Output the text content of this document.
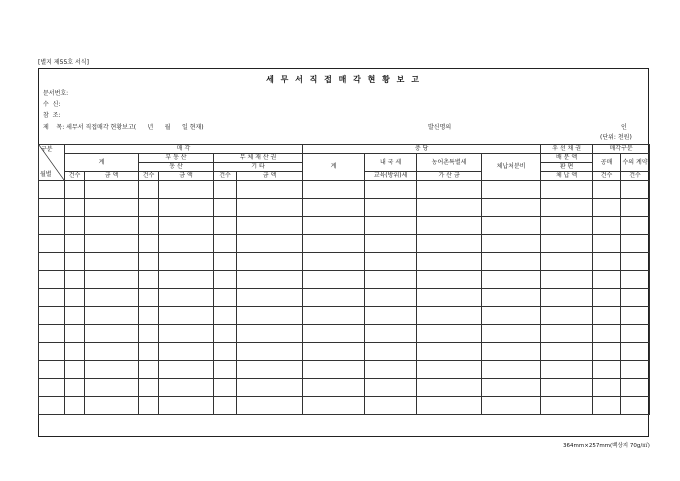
[별지 제55호 서식]
세 무 서 직 접 매 각 현 황 보 고
문서번호:
수  신:
참  조:
제    목: 세무서 직접매각 현황보고(      년      월      일 현재)	발신명의	인
(단위: 천원)
구분
월별	매 각						충 당				우 선 채 권	매각구분	
	계		부 동 산		무 체 재 산 권		계	내 국 세	농어촌특별세	체납처분비	배 분 액	공매	수의 계약
			동 산		기 타						환 편		
	건수	금 액	건수	금 액	건수	금 액		교육(방위)세	가 산 금		체 납 액	건수	건수

364mm×257mm(백상지 70g/㎡)
